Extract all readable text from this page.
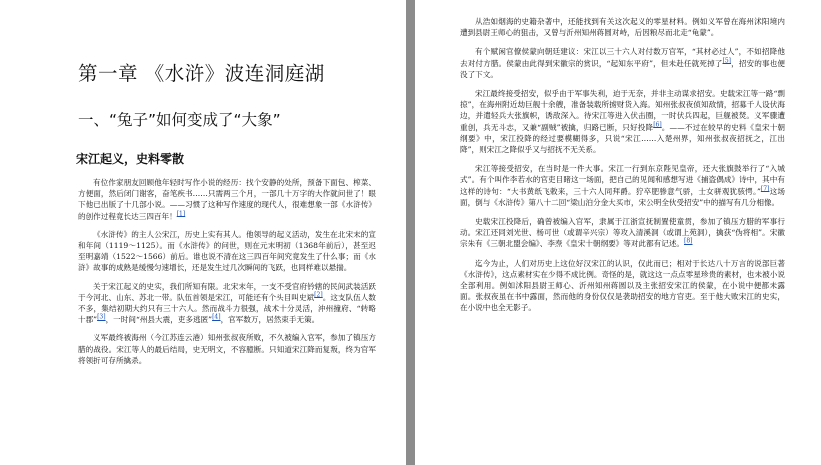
第一章 《水浒》波连洞庭湖
一、“兔子”如何变成了“大象”
宋江起义，史料零散

有位作家朋友回顾他年轻时写作小说的经历：找个安静的处所，预备下面包、榨菜、方便面，然后闭门谢客，奋笔疾书……只需两三个月，一部几十万字的大作就问世了！眼下他已出版了十几部小说。——习惯了这种写作速度的现代人，很难想象一部《水浒传》的创作过程竟长达三四百年！[1]

《水浒传》的主人公宋江，历史上实有其人。他领导的起义活动，发生在北宋末的宣和年间（1119～1125）。而《水浒传》的问世，则在元末明初（1368年前后），甚至迟至明嘉靖（1522～1566）前后。谁也说不清在这三四百年间究竟发生了什么事；而《水浒》故事的成熟是缓慢匀速增长，还是发生过几次瞬间的飞跃，也同样难以悬揣。

关于宋江起义的史实，我们所知有限。北宋末年，一支不受官府钤辖的民间武装活跃于今河北、山东、苏北一带。队伍首领是宋江，可能还有个头目叫史斌[2]。这支队伍人数不多，集结初期大约只有三十六人。然而战斗力很强，战术十分灵活，沖州撞府、“转略十郡”[3]，一时间“州县大震，吏多逃匿”[4]，官军数万，居然束手无策。

义军最终被海州（今江苏连云港）知州张叔夜所败，不久被编入官军，参加了镇压方腊的战役。宋江等人的最后结局，史无明文，不容臆断。只知道宋江降而复叛，终为官军将领折可存所擒杀。

从浩如烟海的史籍杂著中，还能找到有关这次起义的零星材料。例如义军曾在海州沭阳境内遭到县尉王师心的狙击，又曾与沂州知州蒋圆对峙，后因粮尽而北走“龟蒙”。

有个赋闲官僚侯蒙向朝廷建议：宋江以三十六人对付数万官军，“其材必过人”，不如招降他去对付方腊。侯蒙由此得到宋徽宗的赏识，“起知东平府”，但未赴任就死掉了[5]，招安的事也便没了下文。

宋江最终接受招安，似乎由于军事失利，迫于无奈，并非主动谋求招安。史载宋江等一路“剽掠”，在海州附近劫巨舰十余艘，准备装载所掳财货入海。知州张叔夜侦知敌情，招募千人设伏海边，并遣轻兵大张旗帜，诱敌深入。待宋江等进入伏击圈，一时伏兵四起，巨舰被焚。义军骤遭重创，兵无斗志，又兼“副贼”被擒，归路已断，只好投降[6]。——不过在较早的史料《皇宋十朝纲要》中，宋江投降的经过要模糊得多，只说“宋江……入楚州界，知州张叔夜招抚之，江出降”，则宋江之降似乎又与招抚不无关系。

宋江等接受招安，在当时是一件大事。宋江一行到东京陛见皇帝，还大张旗鼓举行了“入城式”。有个叫作李若水的官吏目睹这一场面，把自己的见闻和感想写进《捕盗偶成》诗中，其中有这样的诗句：“大书黄纸飞敕来，三十六人同拜爵。狞卒肥骖意气骄，士女骈观犹骇愕。”[7]这场面，倒与《水浒传》第八十二回“梁山泊分金大买市，宋公明全伙受招安”中的描写有几分相像。

史载宋江投降后，确曾被编入官军，隶属于江浙宣抚制置使童贯，参加了镇压方腊的军事行动。宋江还同刘光世、杨可世（或谓辛兴宗）等攻入清溪洞（或谓上苑洞），擒获“伪将相”。宋徽宗朱有《三朝北盟会编》、李焘《皇宋十朝纲要》等对此都有记述。[8]

迄今为止，人们对历史上这位好汉宋江的认识，仅此而已；相对于长达八十万言的说部巨著《水浒传》，这点素材实在少得不成比例。奇怪的是，就这这一点点零星珍贵的素材，也未被小说全部利用。例如沭阳县尉王师心、沂州知州蒋圆以及主张招安宋江的侯蒙，在小说中便都未露面。张叔夜虽在书中露面，然而他的身份仅仅是袭助招安的地方官吏。至于他大败宋江的史实，在小说中也全无影子。
